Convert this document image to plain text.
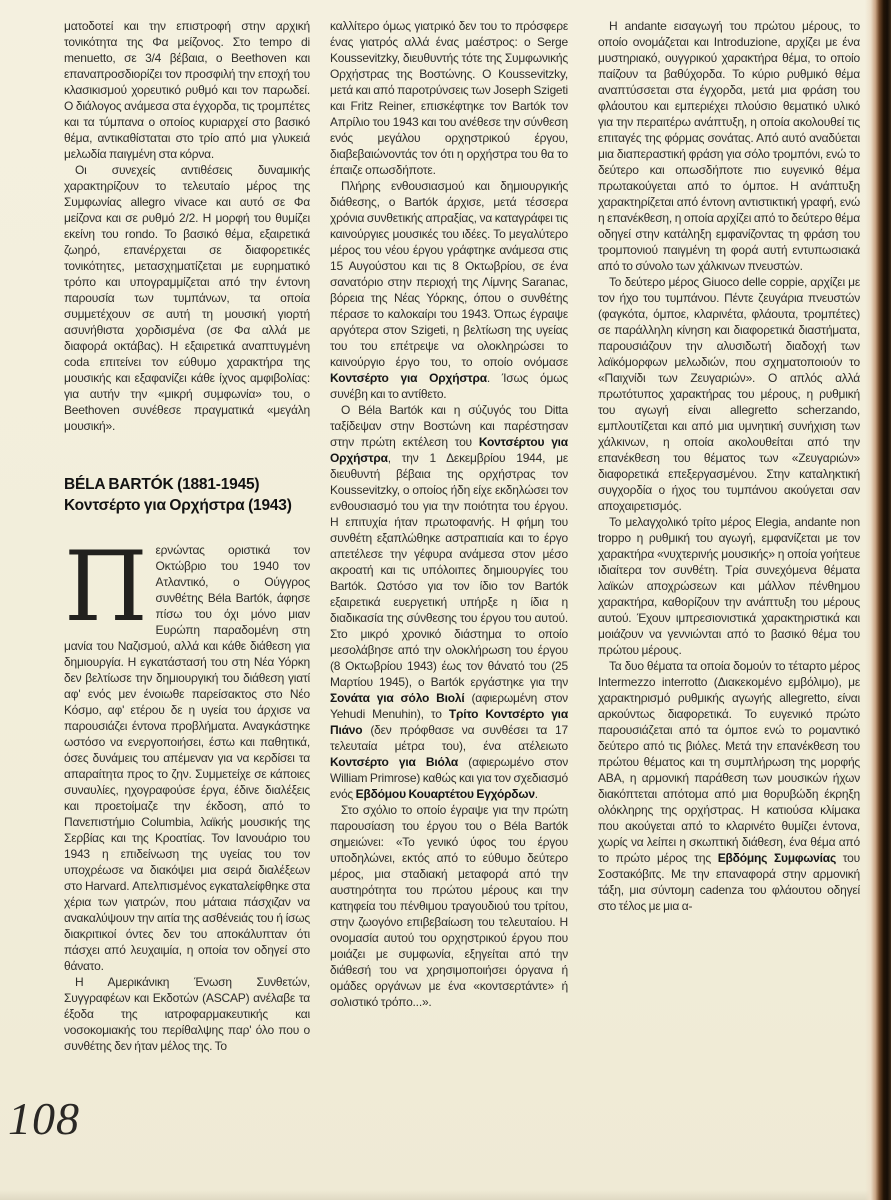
ματοδοτεί και την επιστροφή στην αρχική τονικότητα της Φα μείζονος. Στο tempo di menuetto, σε 3/4 βέβαια, ο Beethoven και επαναπροσδιορίζει τον προσφιλή την εποχή του κλασικισμού χορευτικό ρυθμό και τον παρωδεί. Ο διάλογος ανάμεσα στα έγχορδα, τις τρομπέτες και τα τύμπανα ο οποίος κυριαρχεί στο βασικό θέμα, αντικαθίσταται στο τρίο από μια γλυκειά μελωδία παιγμένη στα κόρνα.

Οι συνεχείς αντιθέσεις δυναμικής χαρακτηρίζουν το τελευταίο μέρος της Συμφωνίας allegro vivace και αυτό σε Φα μείζονα και σε ρυθμό 2/2. Η μορφή του θυμίζει εκείνη του rondo. Το βασικό θέμα, εξαιρετικά ζωηρό, επανέρχεται σε διαφορετικές τονικότητες, μετασχηματίζεται με ευρηματικό τρόπο και υπογραμμίζεται από την έντονη παρουσία των τυμπάνων, τα οποία συμμετέχουν σε αυτή τη μουσική γιορτή ασυνήθιστα χορδισμένα (σε Φα αλλά με διαφορά οκτάβας). Η εξαιρετικά αναπτυγμένη coda επιτείνει τον εύθυμο χαρακτήρα της μουσικής και εξαφανίζει κάθε ίχνος αμφιβολίας: για αυτήν την «μικρή συμφωνία» του, ο Beethoven συνέθεσε πραγματικά «μεγάλη μουσική».

BÉLA BARTÓK (1881-1945)
Κοντσέρτο για Ορχήστρα (1943)

Περνώντας οριστικά τον Οκτώβριο του 1940 τον Ατλαντικό, ο Ούγγρος συνθέτης Béla Bartók, άφησε πίσω του όχι μόνο μιαν Ευρώπη παραδομένη στη μανία του Ναζισμού, αλλά και κάθε διάθεση για δημιουργία. Η εγκατάστασή του στη Νέα Υόρκη δεν βελτίωσε την δημιουργική του διάθεση γιατί αφ' ενός μεν ένοιωθε παρείσακτος στο Νέο Κόσμο, αφ' ετέρου δε η υγεία του άρχισε να παρουσιάζει έντονα προβλήματα. Αναγκάστηκε ωστόσο να ενεργοποιήσει, έστω και παθητικά, όσες δυνάμεις του απέμεναν για να κερδίσει τα απαραίτητα προς το ζην. Συμμετείχε σε κάποιες συναυλίες, ηχογραφούσε έργα, έδινε διαλέξεις και προετοίμαζε την έκδοση, από το Πανεπιστήμιο Columbia, λαϊκής μουσικής της Σερβίας και της Κροατίας. Τον Ιανουάριο του 1943 η επιδείνωση της υγείας του τον υποχρέωσε να διακόψει μια σειρά διαλέξεων στο Harvard. Απελπισμένος εγκαταλείφθηκε στα χέρια των γιατρών, που μάταια πάσχιζαν να ανακαλύψουν την αιτία της ασθένειάς του ή ίσως διακριτικοί όντες δεν του αποκάλυπταν ότι πάσχει από λευχαιμία, η οποία τον οδηγεί στο θάνατο.

Η Αμερικάνικη Ένωση Συνθετών, Συγγραφέων και Εκδοτών (ASCAP) ανέλαβε τα έξοδα της ιατροφαρμακευτικής και νοσοκομιακής του περίθαλψης παρ' όλο που ο συνθέτης δεν ήταν μέλος της. Το

καλλίτερο όμως γιατρικό δεν του το πρόσφερε ένας γιατρός αλλά ένας μαέστρος: ο Serge Koussevitzky, διευθυντής τότε της Συμφωνικής Ορχήστρας της Βοστώνης. Ο Koussevitzky, μετά και από παροτρύνσεις των Joseph Szigeti και Fritz Reiner, επισκέφτηκε τον Bartók τον Απρίλιο του 1943 και του ανέθεσε την σύνθεση ενός μεγάλου ορχηστρικού έργου, διαβεβαιώνοντάς τον ότι η ορχήστρα του θα το έπαιζε οπωσδήποτε.

Πλήρης ενθουσιασμού και δημιουργικής διάθεσης, ο Bartók άρχισε, μετά τέσσερα χρόνια συνθετικής απραξίας, να καταγράφει τις καινούργιες μουσικές του ιδέες. Το μεγαλύτερο μέρος του νέου έργου γράφτηκε ανάμεσα στις 15 Αυγούστου και τις 8 Οκτωβρίου, σε ένα σανατόριο στην περιοχή της Λίμνης Saranac, βόρεια της Νέας Υόρκης, όπου ο συνθέτης πέρασε το καλοκαίρι του 1943. Όπως έγραψε αργότερα στον Szigeti, η βελτίωση της υγείας του του επέτρεψε να ολοκληρώσει το καινούργιο έργο του, το οποίο ονόμασε Κοντσέρτο για Ορχήστρα. Ίσως όμως συνέβη και το αντίθετο.

Ο Béla Bartók και η σύζυγός του Ditta ταξίδεψαν στην Βοστώνη και παρέστησαν στην πρώτη εκτέλεση του Κοντσέρτου για Ορχήστρα, την 1 Δεκεμβρίου 1944, με διευθυντή βέβαια της ορχήστρας τον Koussevitzky, ο οποίος ήδη είχε εκδηλώσει τον ενθουσιασμό του για την ποιότητα του έργου. Η επιτυχία ήταν πρωτοφανής. Η φήμη του συνθέτη εξαπλώθηκε αστραπιαία και το έργο απετέλεσε την γέφυρα ανάμεσα στον μέσο ακροατή και τις υπόλοιπες δημιουργίες του Bartók. Ωστόσο για τον ίδιο τον Bartók εξαιρετικά ευεργετική υπήρξε η ίδια η διαδικασία της σύνθεσης του έργου του αυτού. Στο μικρό χρονικό διάστημα το οποίο μεσολάβησε από την ολοκλήρωση του έργου (8 Οκτωβρίου 1943) έως τον θάνατό του (25 Μαρτίου 1945), ο Bartók εργάστηκε για την Σονάτα για σόλο Βιολί (αφιερωμένη στον Yehudi Menuhin), το Τρίτο Κοντσέρτο για Πιάνο (δεν πρόφθασε να συνθέσει τα 17 τελευταία μέτρα του), ένα ατέλειωτο Κοντσέρτο για Βιόλα (αφιερωμένο στον William Primrose) καθώς και για τον σχεδιασμό ενός Εβδόμου Κουαρτέτου Εγχόρδων.

Στο σχόλιο το οποίο έγραψε για την πρώτη παρουσίαση του έργου του ο Béla Bartók σημειώνει: «Το γενικό ύφος του έργου υποδηλώνει, εκτός από το εύθυμο δεύτερο μέρος, μια σταδιακή μεταφορά από την αυστηρότητα του πρώτου μέρους και την κατηφεία του πένθιμου τραγουδιού του τρίτου, στην ζωογόνο επιβεβαίωση του τελευταίου. Η ονομασία αυτού του ορχηστρικού έργου που μοιάζει με συμφωνία, εξηγείται από την διάθεσή του να χρησιμοποιήσει όργανα ή ομάδες οργάνων με ένα «κοντσερτάντε» ή σολιστικό τρόπο...».

Η andante εισαγωγή του πρώτου μέρους, το οποίο ονομάζεται και Introduzione, αρχίζει με ένα μυστηριακό, ουγγρικού χαρακτήρα θέμα, το οποίο παίζουν τα βαθύχορδα. Το κύριο ρυθμικό θέμα αναπτύσσεται στα έγχορδα, μετά μια φράση του φλάουτου και εμπεριέχει πλούσιο θεματικό υλικό για την περαιτέρω ανάπτυξη, η οποία ακολουθεί τις επιταγές της φόρμας σονάτας. Από αυτό αναδύεται μια διαπεραστική φράση για σόλο τρομπόνι, ενώ το δεύτερο και οπωσδήποτε πιο ευγενικό θέμα πρωτακούγεται από το όμποε. Η ανάπτυξη χαρακτηρίζεται από έντονη αντιστικτική γραφή, ενώ η επανέκθεση, η οποία αρχίζει από το δεύτερο θέμα οδηγεί στην κατάληξη εμφανίζοντας τη φράση του τρομπονιού παιγμένη τη φορά αυτή εντυπωσιακά από το σύνολο των χάλκινων πνευστών.

Το δεύτερο μέρος Giuoco delle coppie, αρχίζει με τον ήχο του τυμπάνου. Πέντε ζευγάρια πνευστών (φαγκότα, όμποε, κλαρινέτα, φλάουτα, τρομπέτες) σε παράλληλη κίνηση και διαφορετικά διαστήματα, παρουσιάζουν την αλυσιδωτή διαδοχή των λαϊκόμορφων μελωδιών, που σχηματοποιούν το «Παιχνίδι των Ζευγαριών». Ο απλός αλλά πρωτότυπος χαρακτήρας του μέρους, η ρυθμική του αγωγή είναι allegretto scherzando, εμπλουτίζεται και από μια υμνητική συνήχιση των χάλκινων, η οποία ακολουθείται από την επανέκθεση του θέματος των «Ζευγαριών» διαφορετικά επεξεργασμένου. Στην καταληκτική συγχορδία ο ήχος του τυμπάνου ακούγεται σαν αποχαιρετισμός.

Το μελαγχολικό τρίτο μέρος Elegia, andante non troppo η ρυθμική του αγωγή, εμφανίζεται με τον χαρακτήρα «νυχτερινής μουσικής» η οποία γοήτευε ιδιαίτερα τον συνθέτη. Τρία συνεχόμενα θέματα λαϊκών αποχρώσεων και μάλλον πένθημου χαρακτήρα, καθορίζουν την ανάπτυξη του μέρους αυτού. Έχουν ιμπρεσιονιστικά χαρακτηριστικά και μοιάζουν να γεννιώνται από το βασικό θέμα του πρώτου μέρους.

Τα δυο θέματα τα οποία δομούν το τέταρτο μέρος Intermezzo interrotto (Διακεκομένο εμβόλιμο), με χαρακτηρισμό ρυθμικής αγωγής allegretto, είναι αρκούντως διαφορετικά. Το ευγενικό πρώτο παρουσιάζεται από τα όμποε ενώ το ρομαντικό δεύτερο από τις βιόλες. Μετά την επανέκθεση του πρώτου θέματος και τη συμπλήρωση της μορφής ΑΒΑ, η αρμονική παράθεση των μουσικών ήχων διακόπτεται απότομα από μια θορυβώδη έκρηξη ολόκληρης της ορχήστρας. Η κατιούσα κλίμακα που ακούγεται από το κλαρινέτο θυμίζει έντονα, χωρίς να λείπει η σκωπτική διάθεση, ένα θέμα από το πρώτο μέρος της Εβδόμης Συμφωνίας του Σοστακόβιτς. Με την επαναφορά στην αρμονική τάξη, μια σύντομη cadenza του φλάουτου οδηγεί στο τέλος με μια α-

108
